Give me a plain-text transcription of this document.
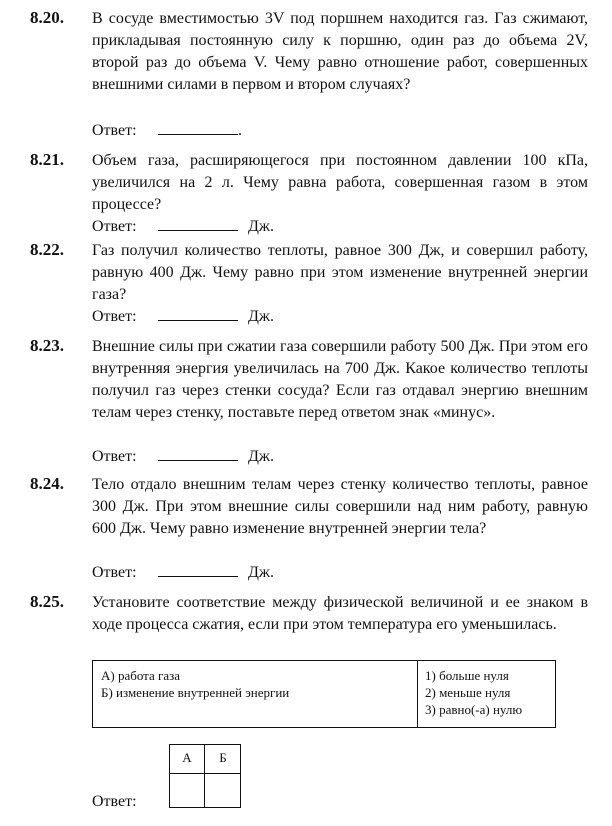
8.20. В сосуде вместимостью 3V под поршнем находится газ. Газ сжимают, прикладывая постоянную силу к поршню, один раз до объема 2V, второй раз до объема V. Чему равно отношение работ, совершенных внешними силами в первом и втором случаях?
Ответ:	.
8.21. Объем газа, расширяющегося при постоянном давлении 100 кПа, увеличился на 2 л. Чему равна работа, совершенная газом в этом процессе?
Ответ:	Дж.
8.22. Газ получил количество теплоты, равное 300 Дж, и совершил работу, равную 400 Дж. Чему равно при этом изменение внутренней энергии газа?
Ответ:	Дж.
8.23. Внешние силы при сжатии газа совершили работу 500 Дж. При этом его внутренняя энергия увеличилась на 700 Дж. Какое количество теплоты получил газ через стенки сосуда? Если газ отдавал энергию внешним телам через стенку, поставьте перед ответом знак «минус».
Ответ:	Дж.
8.24. Тело отдало внешним телам через стенку количество теплоты, равное 300 Дж. При этом внешние силы совершили над ним работу, равную 600 Дж. Чему равно изменение внутренней энергии тела?
Ответ:	Дж.
8.25. Установите соответствие между физической величиной и ее знаком в ходе процесса сжатия, если при этом температура его уменьшилась.
А) работа газа
Б) изменение внутренней энергии
1) больше нуля
2) меньше нуля
3) равно(-а) нулю
А	Б
Ответ:
